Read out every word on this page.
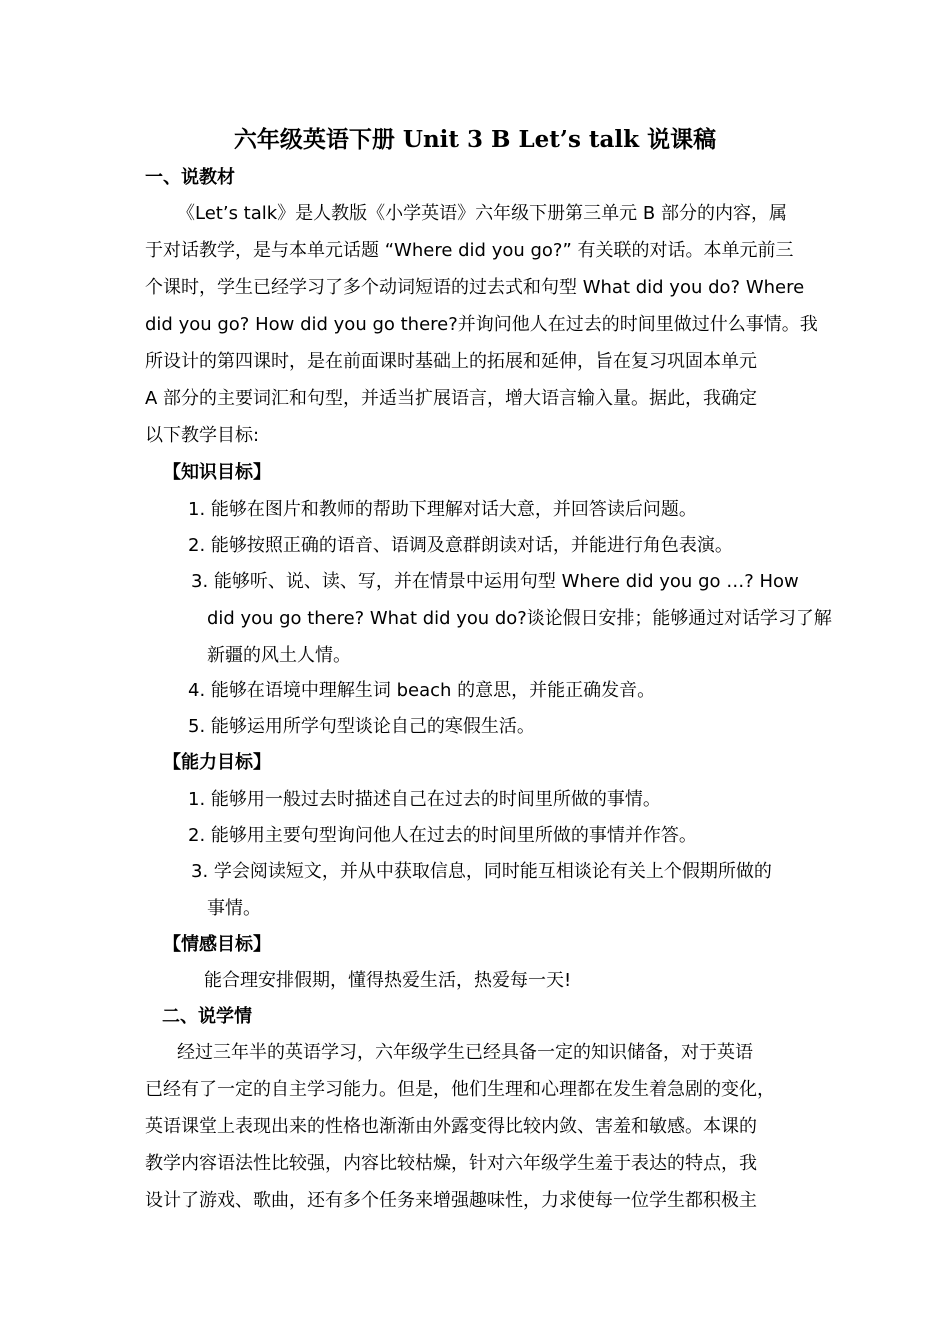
六年级英语下册 Unit 3 B Let’s talk 说课稿
一、说教材
《Let’s talk》是人教版《小学英语》六年级下册第三单元 B 部分的内容，属
于对话教学，是与本单元话题 “Where did you go?” 有关联的对话。本单元前三
个课时，学生已经学习了多个动词短语的过去式和句型 What did you do? Where
did you go? How did you go there?并询问他人在过去的时间里做过什么事情。我
所设计的第四课时，是在前面课时基础上的拓展和延伸，旨在复习巩固本单元
A 部分的主要词汇和句型，并适当扩展语言，增大语言输入量。据此，我确定
以下教学目标:
【知识目标】
1. 能够在图片和教师的帮助下理解对话大意，并回答读后问题。
2. 能够按照正确的语音、语调及意群朗读对话，并能进行角色表演。
3. 能够听、说、读、写，并在情景中运用句型 Where did you go …? How
did you go there? What did you do?谈论假日安排；能够通过对话学习了解
新疆的风土人情。
4. 能够在语境中理解生词 beach 的意思，并能正确发音。
5. 能够运用所学句型谈论自己的寒假生活。
【能力目标】
1. 能够用一般过去时描述自己在过去的时间里所做的事情。
2. 能够用主要句型询问他人在过去的时间里所做的事情并作答。
3. 学会阅读短文，并从中获取信息，同时能互相谈论有关上个假期所做的
事情。
【情感目标】
能合理安排假期，懂得热爱生活，热爱每一天!
二、说学情
经过三年半的英语学习，六年级学生已经具备一定的知识储备，对于英语
已经有了一定的自主学习能力。但是，他们生理和心理都在发生着急剧的变化，
英语课堂上表现出来的性格也渐渐由外露变得比较内敛、害羞和敏感。本课的
教学内容语法性比较强，内容比较枯燥，针对六年级学生羞于表达的特点，我
设计了游戏、歌曲，还有多个任务来增强趣味性，力求使每一位学生都积极主
